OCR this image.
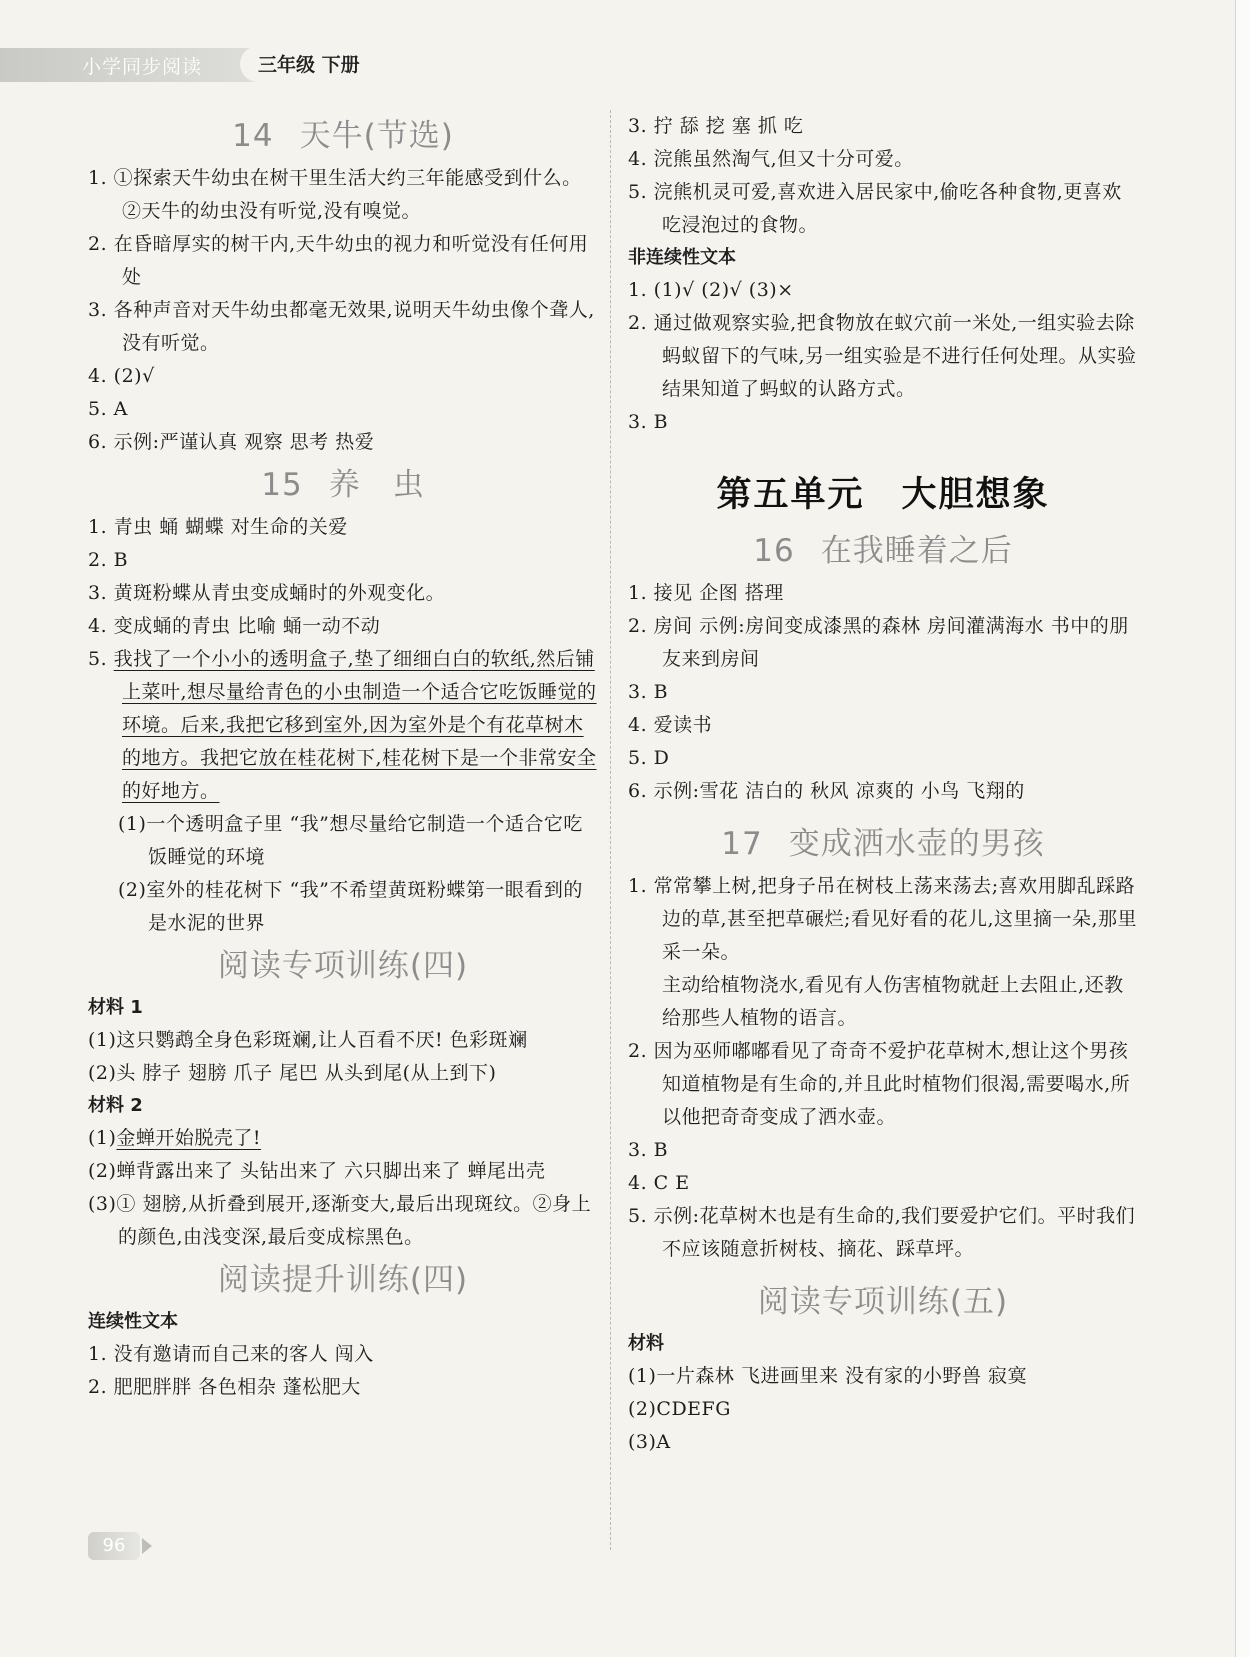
小学同步阅读	三年级 下册
14 天牛(节选)
1. ①探索天牛幼虫在树干里生活大约三年能感受到什么。 ②天牛的幼虫没有听觉,没有嗅觉。
2. 在昏暗厚实的树干内,天牛幼虫的视力和听觉没有任何用处
3. 各种声音对天牛幼虫都毫无效果,说明天牛幼虫像个聋人,没有听觉。
4. (2)√
5. A
6. 示例:严谨认真 观察 思考 热爱
15 养　虫
1. 青虫 蛹 蝴蝶 对生命的关爱
2. B
3. 黄斑粉蝶从青虫变成蛹时的外观变化。
4. 变成蛹的青虫 比喻 蛹一动不动
5. 我找了一个小小的透明盒子,垫了细细白白的软纸,然后铺上菜叶,想尽量给青色的小虫制造一个适合它吃饭睡觉的环境。后来,我把它移到室外,因为室外是个有花草树木的地方。我把它放在桂花树下,桂花树下是一个非常安全的好地方。
(1)一个透明盒子里 “我”想尽量给它制造一个适合它吃饭睡觉的环境
(2)室外的桂花树下 “我”不希望黄斑粉蝶第一眼看到的是水泥的世界
阅读专项训练(四)
材料 1
(1)这只鹦鹉全身色彩斑斓,让人百看不厌! 色彩斑斓
(2)头 脖子 翅膀 爪子 尾巴 从头到尾(从上到下)
材料 2
(1)金蝉开始脱壳了!
(2)蝉背露出来了 头钻出来了 六只脚出来了 蝉尾出壳
(3)① 翅膀,从折叠到展开,逐渐变大,最后出现斑纹。②身上的颜色,由浅变深,最后变成棕黑色。
阅读提升训练(四)
连续性文本
1. 没有邀请而自己来的客人 闯入
2. 肥肥胖胖 各色相杂 蓬松肥大
3. 拧 舔 挖 塞 抓 吃
4. 浣熊虽然淘气,但又十分可爱。
5. 浣熊机灵可爱,喜欢进入居民家中,偷吃各种食物,更喜欢吃浸泡过的食物。
非连续性文本
1. (1)√ (2)√ (3)×
2. 通过做观察实验,把食物放在蚁穴前一米处,一组实验去除蚂蚁留下的气味,另一组实验是不进行任何处理。从实验结果知道了蚂蚁的认路方式。
3. B
第五单元　大胆想象
16 在我睡着之后
1. 接见 企图 搭理
2. 房间 示例:房间变成漆黑的森林 房间灌满海水 书中的朋友来到房间
3. B
4. 爱读书
5. D
6. 示例:雪花 洁白的 秋风 凉爽的 小鸟 飞翔的
17 变成洒水壶的男孩
1. 常常攀上树,把身子吊在树枝上荡来荡去;喜欢用脚乱踩路边的草,甚至把草碾烂;看见好看的花儿,这里摘一朵,那里采一朵。
主动给植物浇水,看见有人伤害植物就赶上去阻止,还教给那些人植物的语言。
2. 因为巫师嘟嘟看见了奇奇不爱护花草树木,想让这个男孩知道植物是有生命的,并且此时植物们很渴,需要喝水,所以他把奇奇变成了洒水壶。
3. B
4. C E
5. 示例:花草树木也是有生命的,我们要爱护它们。平时我们不应该随意折树枝、摘花、踩草坪。
阅读专项训练(五)
材料
(1)一片森林 飞进画里来 没有家的小野兽 寂寞
(2)CDEFG
(3)A
96
